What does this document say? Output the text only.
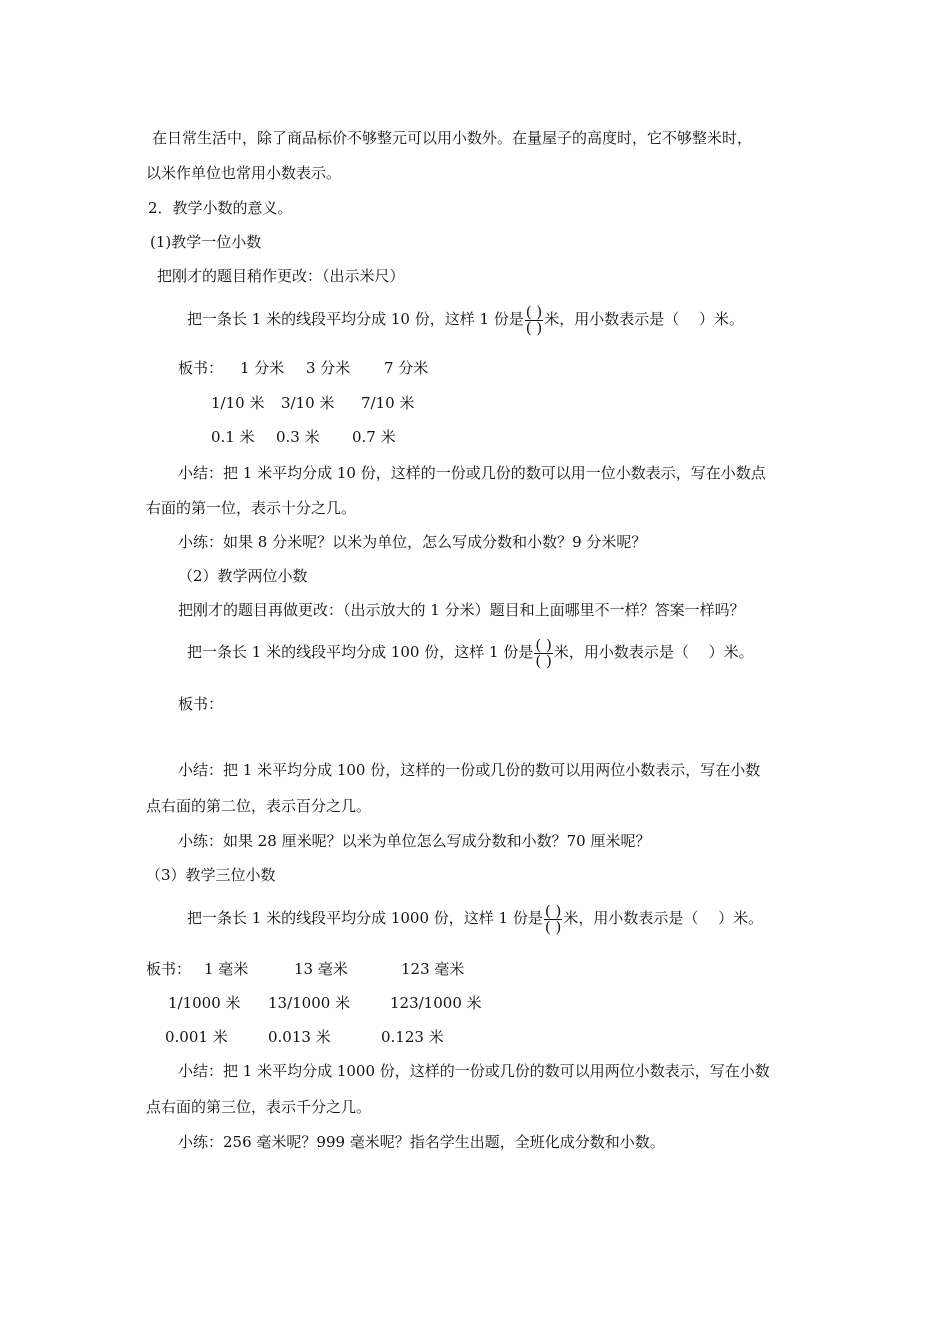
在日常生活中，除了商品标价不够整元可以用小数外。在量屋子的高度时，它不够整米时，
以米作单位也常用小数表示。
2．教学小数的意义。
(1)教学一位小数
把刚才的题目稍作更改：（出示米尺）
把一条长 1 米的线段平均分成 10 份，这样 1 份是 $\frac{( )}{( )}$ 米，用小数表示是（　 ）米。
板书： 1 分米 3 分米 7 分米
1/10 米 3/10 米 7/10 米
0.1 米 0.3 米 0.7 米
小结：把 1 米平均分成 10 份，这样的一份或几份的数可以用一位小数表示，写在小数点
右面的第一位，表示十分之几。
小练：如果 8 分米呢？以米为单位，怎么写成分数和小数？9 分米呢？
（2）教学两位小数
把刚才的题目再做更改：（出示放大的 1 分米）题目和上面哪里不一样？答案一样吗？
把一条长 1 米的线段平均分成 100 份，这样 1 份是 $\frac{( )}{( )}$ 米，用小数表示是（　 ）米。
板书：
小结：把 1 米平均分成 100 份，这样的一份或几份的数可以用两位小数表示，写在小数
点右面的第二位，表示百分之几。
小练：如果 28 厘米呢？以米为单位怎么写成分数和小数？70 厘米呢？
（3）教学三位小数
把一条长 1 米的线段平均分成 1000 份，这样 1 份是 $\frac{( )}{( )}$ 米，用小数表示是（　 ）米。
板书： 1 毫米	13 毫米	123 毫米
1/1000 米 13/1000 米	123/1000 米
0.001 米	0.013 米	0.123 米
小结：把 1 米平均分成 1000 份，这样的一份或几份的数可以用两位小数表示，写在小数
点右面的第三位，表示千分之几。
小练：256 毫米呢？999 毫米呢？指名学生出题，全班化成分数和小数。
